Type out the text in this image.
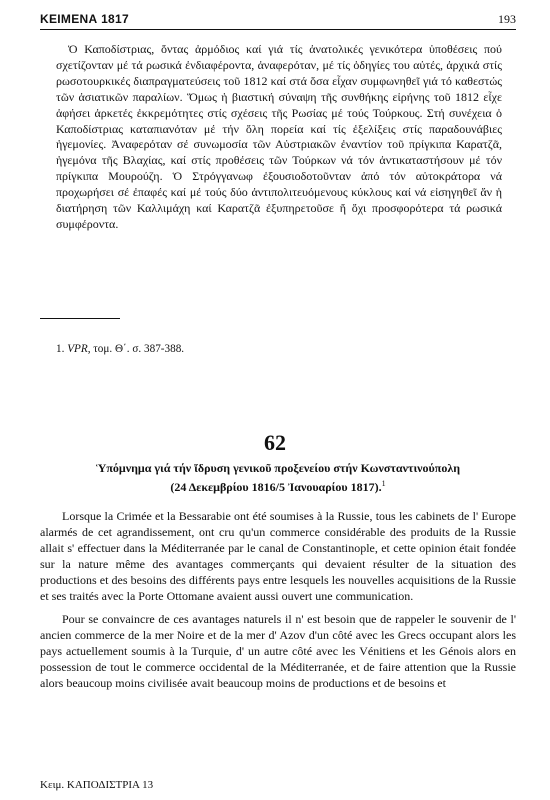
ΚΕΙΜΕΝΑ 1817	193

Ὁ Καποδίστριας, ὄντας ἁρμόδιος καί γιά τίς ἀνατολικές γενικότερα ὑποθέσεις πού σχετίζονταν μέ τά ρωσικά ἐνδιαφέροντα, ἀναφερόταν, μέ τίς ὁδηγίες του αὐτές, ἀρχικά στίς ρωσοτουρκικές διαπραγματεύσεις τοῦ 1812 καί στά ὅσα εἶχαν συμφωνηθεῖ γιά τό καθεστώς τῶν ἀσιατικῶν παραλίων. Ὅμως ἡ βιαστική σύναψη τῆς συνθήκης εἰρήνης τοῦ 1812 εἶχε ἀφήσει ἀρκετές ἐκκρεμότητες στίς σχέσεις τῆς Ρωσίας μέ τούς Τούρκους. Στή συνέχεια ὁ Καποδίστριας καταπιανόταν μέ τήν ὅλη πορεία καί τίς ἐξελίξεις στίς παραδουνάβιες ἡγεμονίες. Ἀναφερόταν σέ συνωμοσία τῶν Αὐστριακῶν ἐναντίον τοῦ πρίγκιπα Καρατζᾶ, ἡγεμόνα τῆς Βλαχίας, καί στίς προθέσεις τῶν Τούρκων νά τόν ἀντικαταστήσουν μέ τόν πρίγκιπα Μουρούζη. Ὁ Στρόγγανωφ ἐξουσιοδοτοῦνταν ἀπό τόν αὐτοκράτορα νά προχωρήσει σέ ἐπαφές καί μέ τούς δύο ἀντιπολιτευόμενους κύκλους καί νά εἰσηγηθεῖ ἄν ἡ διατήρηση τῶν Καλλιμάχη καί Καρατζᾶ ἐξυπηρετοῦσε ἤ ὄχι προσφορότερα τά ρωσικά συμφέροντα.

1. VPR, τομ. Θ΄. σ. 387-388.
62
Ὑπόμνημα γιά τήν ἵδρυση γενικοῦ προξενείου στήν Κωνσταντινούπολη
(24 Δεκεμβρίου 1816/5 Ἰανουαρίου 1817).$^1$

Lorsque la Crimée et la Bessarabie ont été soumises à la Russie, tous les cabinets de l' Europe alarmés de cet agrandissement, ont cru qu'un commerce considérable des produits de la Russie allait s' effectuer dans la Méditerranée par le canal de Constantinople, et cette opinion était fondée sur la nature même des avantages commerçants qui devaient résulter de la situation des productions et des besoins des différents pays entre lesquels les nouvelles acquisitions de la Russie et ses traités avec la Porte Ottomane avaient aussi ouvert une communication.

Pour se convaincre de ces avantages naturels il n' est besoin que de rappeler le souvenir de l' ancien commerce de la mer Noire et de la mer d' Azov d'un côté avec les Grecs occupant alors les pays actuellement soumis à la Turquie, d' un autre côté avec les Vénitiens et les Génois alors en possession de tout le commerce occidental de la Méditerranée, et de faire attention que la Russie alors beaucoup moins civilisée avait beaucoup moins de productions et de besoins et

Κειμ. ΚΑΠΟΔΙΣΤΡΙΑ 13
